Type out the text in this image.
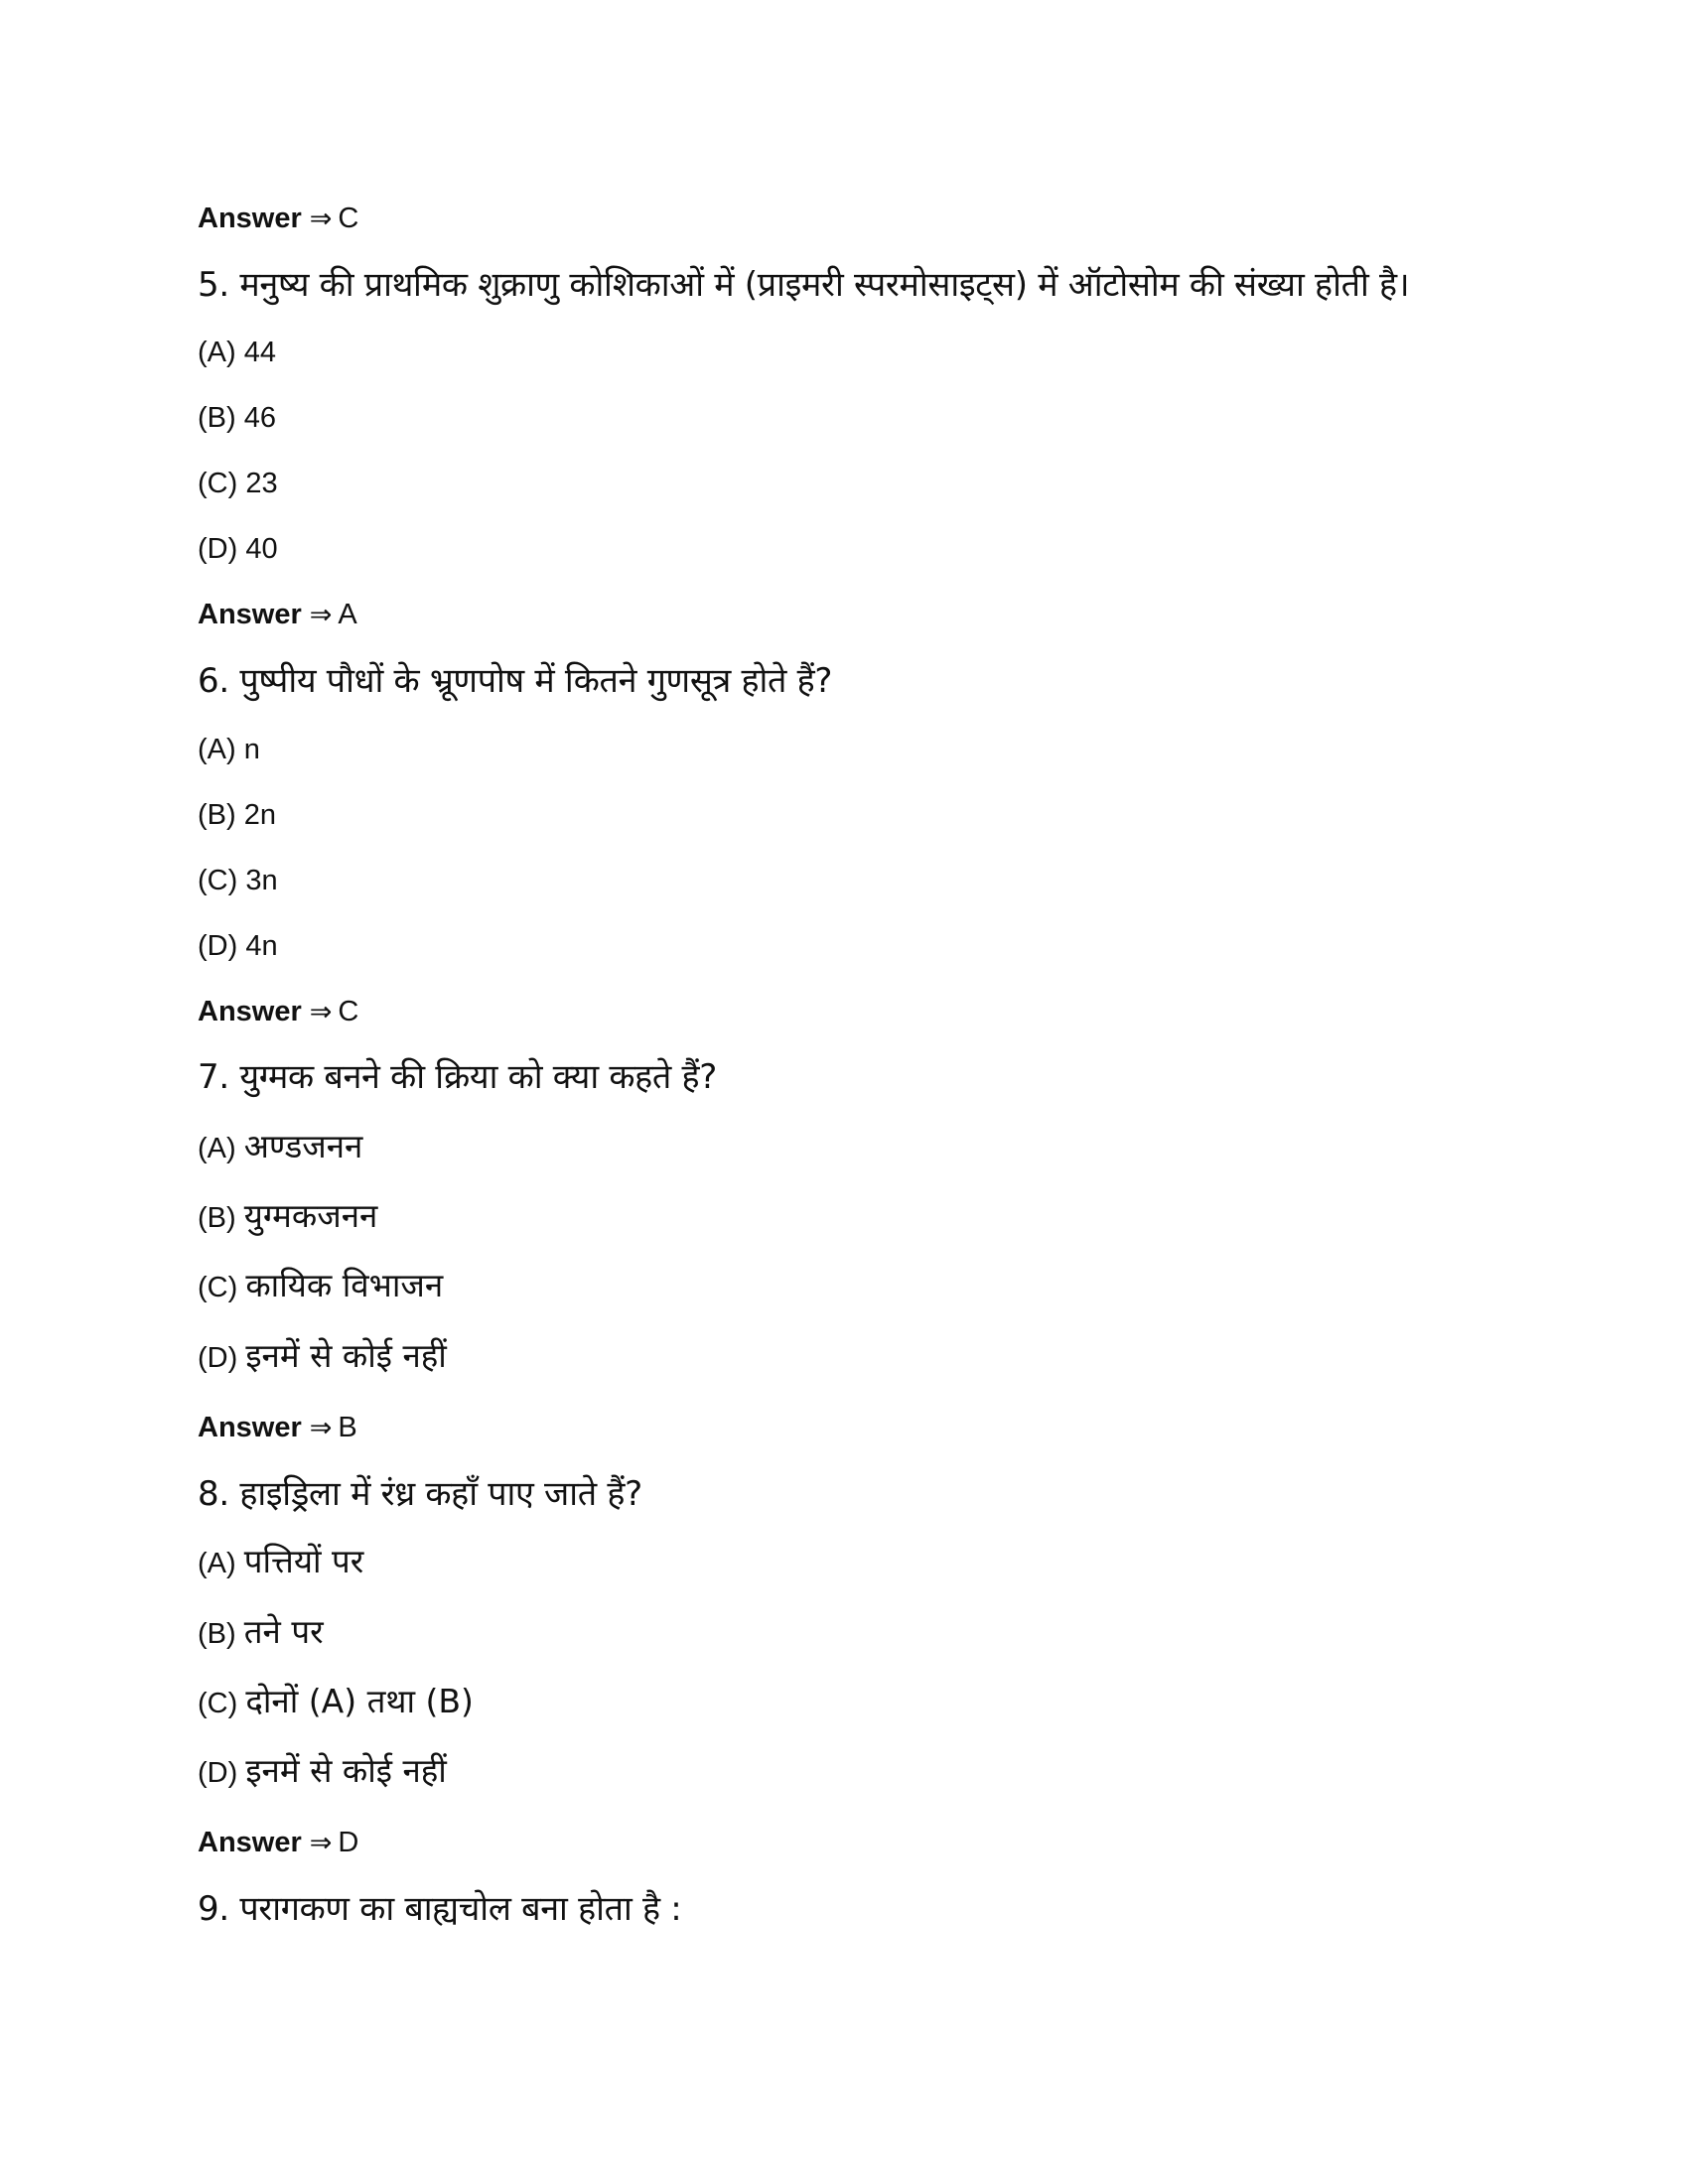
Answer ⇒ C
5. मनुष्य की प्राथमिक शुक्राणु कोशिकाओं में (प्राइमरी स्परमोसाइट्स) में ऑटोसोम की संख्या होती है।
(A) 44
(B) 46
(C) 23
(D) 40
Answer ⇒ A
6. पुष्पीय पौधों के भ्रूणपोष में कितने गुणसूत्र होते हैं?
(A) n
(B) 2n
(C) 3n
(D) 4n
Answer ⇒ C
7. युग्मक बनने की क्रिया को क्या कहते हैं?
(A) अण्डजनन
(B) युग्मकजनन
(C) कायिक विभाजन
(D) इनमें से कोई नहीं
Answer ⇒ B
8. हाइड्रिला में रंध्र कहाँ पाए जाते हैं?
(A) पत्तियों पर
(B) तने पर
(C) दोनों (A) तथा (B)
(D) इनमें से कोई नहीं
Answer ⇒ D
9. परागकण का बाह्यचोल बना होता है :
